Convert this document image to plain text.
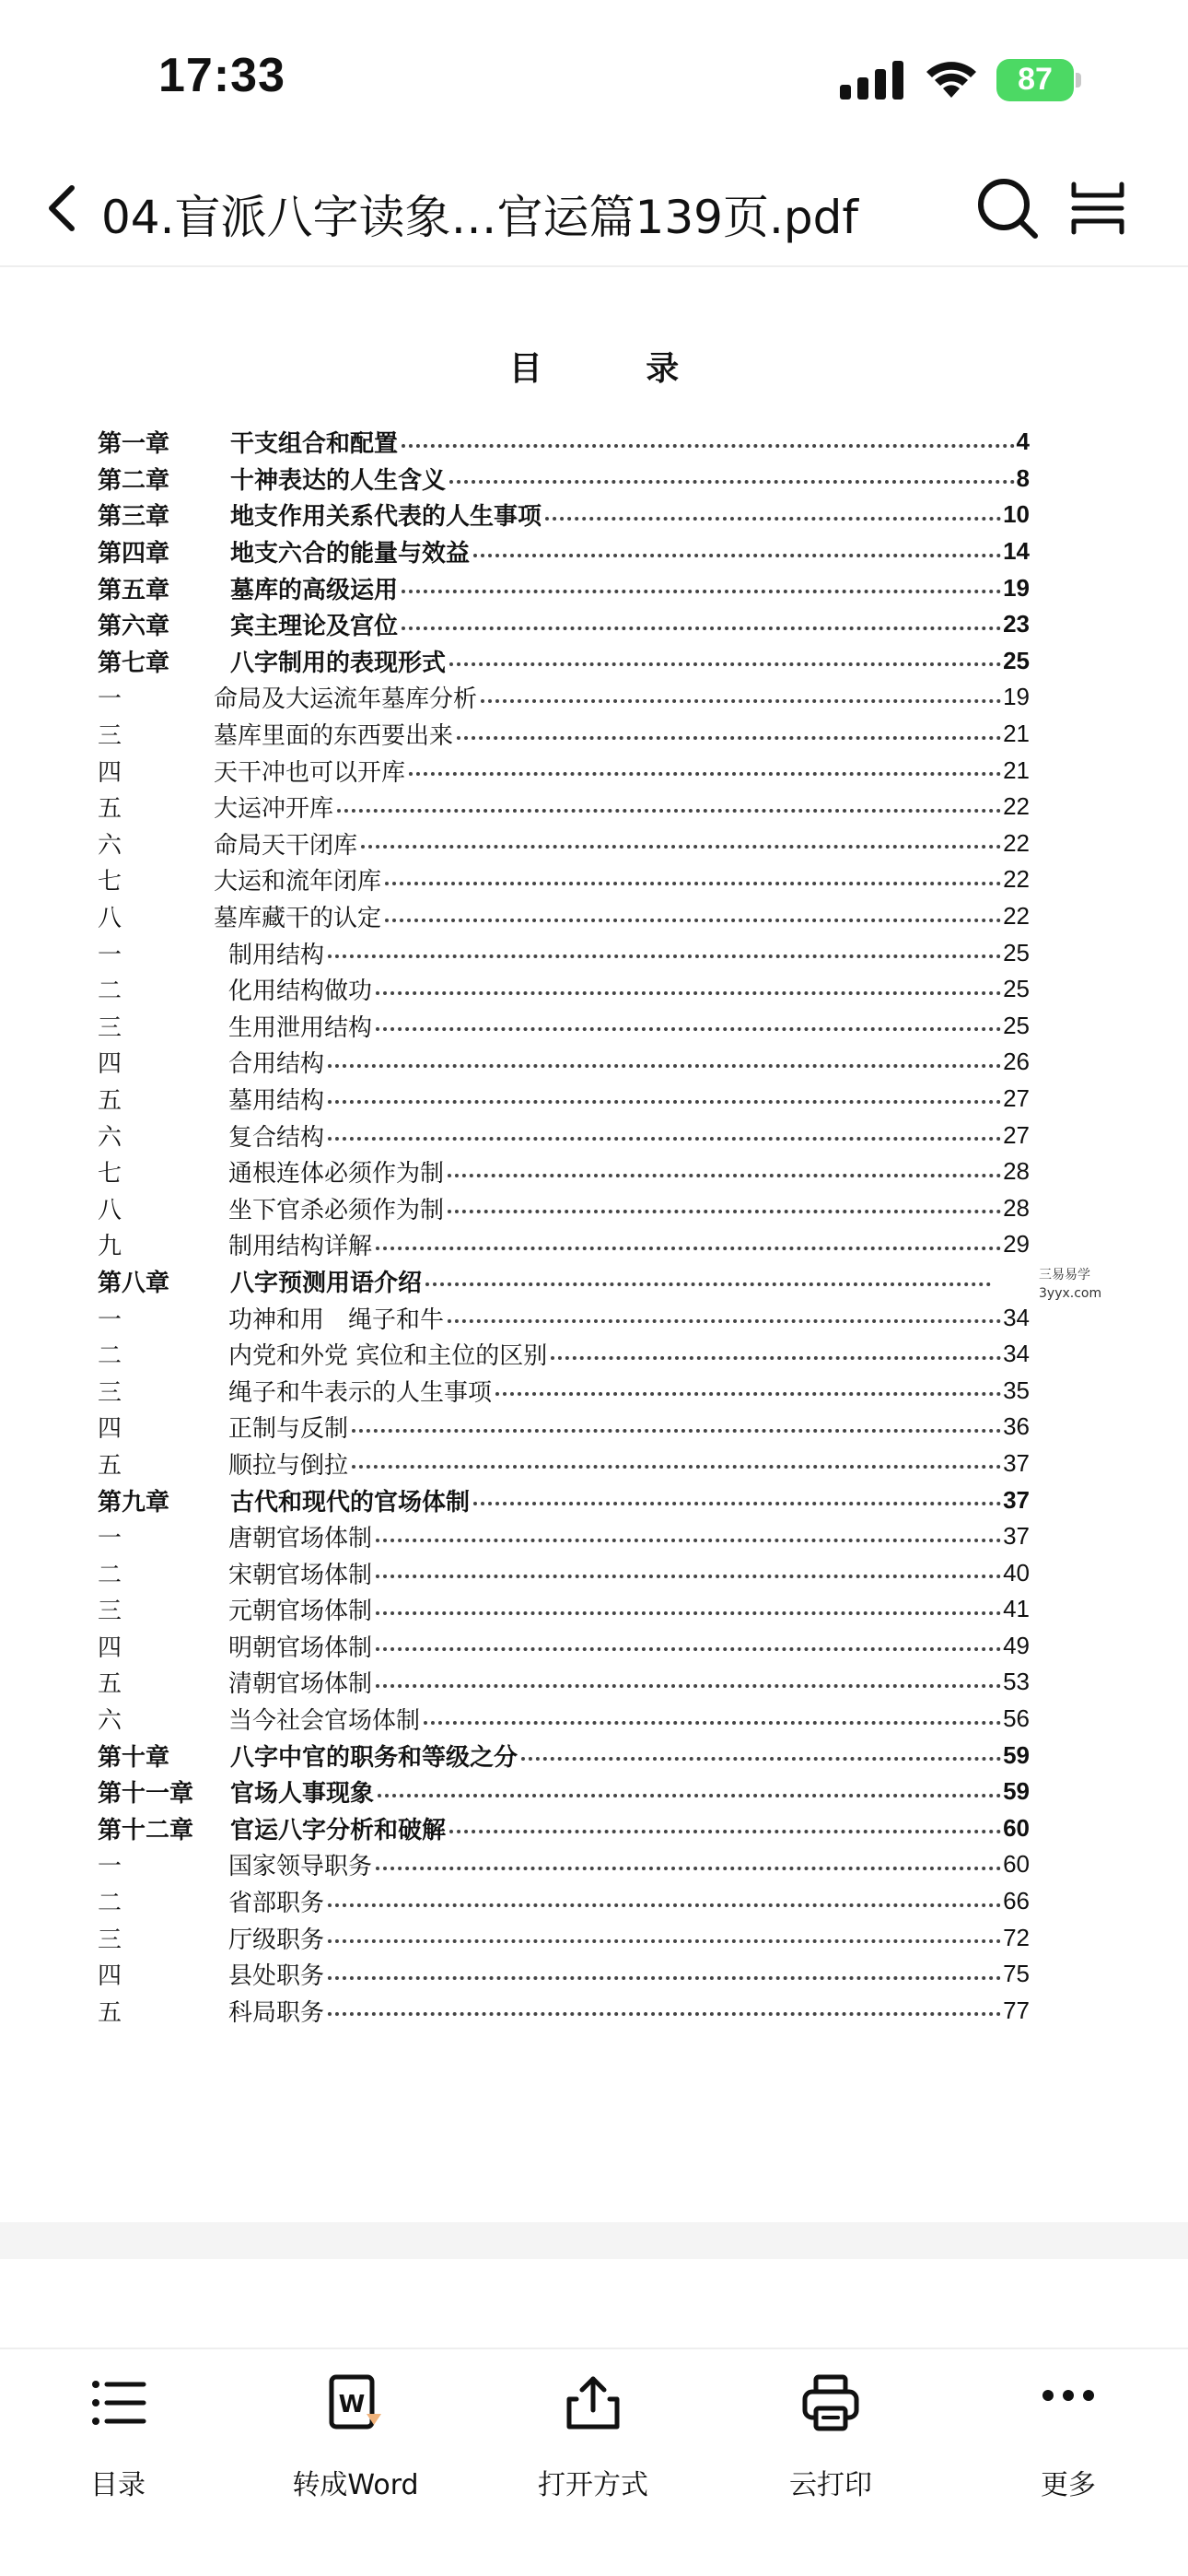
17:33	87
04.盲派八字读象…官运篇139页.pdf
目 录
第一章	干支组合和配置	4
第二章	十神表达的人生含义	8
第三章	地支作用关系代表的人生事项	10
第四章	地支六合的能量与效益	14
第五章	墓库的高级运用	19
第六章	宾主理论及宫位	23
第七章	八字制用的表现形式	25
一	命局及大运流年墓库分析	19
三	墓库里面的东西要出来	21
四	天干冲也可以开库	21
五	大运冲开库	22
六	命局天干闭库	22
七	大运和流年闭库	22
八	墓库藏干的认定	22
一	制用结构	25
二	化用结构做功	25
三	生用泄用结构	25
四	合用结构	26
五	墓用结构	27
六	复合结构	27
七	通根连体必须作为制	28
八	坐下官杀必须作为制	28
九	制用结构详解	29
第八章	八字预测用语介绍
一	功神和用　绳子和牛	34
二	内党和外党 宾位和主位的区别	34
三	绳子和牛表示的人生事项	35
四	正制与反制	36
五	顺拉与倒拉	37
第九章	古代和现代的官场体制	37
一	唐朝官场体制	37
二	宋朝官场体制	40
三	元朝官场体制	41
四	明朝官场体制	49
五	清朝官场体制	53
六	当今社会官场体制	56
第十章	八字中官的职务和等级之分	59
第十一章	官场人事现象	59
第十二章	官运八字分析和破解	60
一	国家领导职务	60
二	省部职务	66
三	厅级职务	72
四	县处职务	75
五	科局职务	77
三易易学
3yyx.com
目录
W
转成Word	打开方式	云打印	更多
